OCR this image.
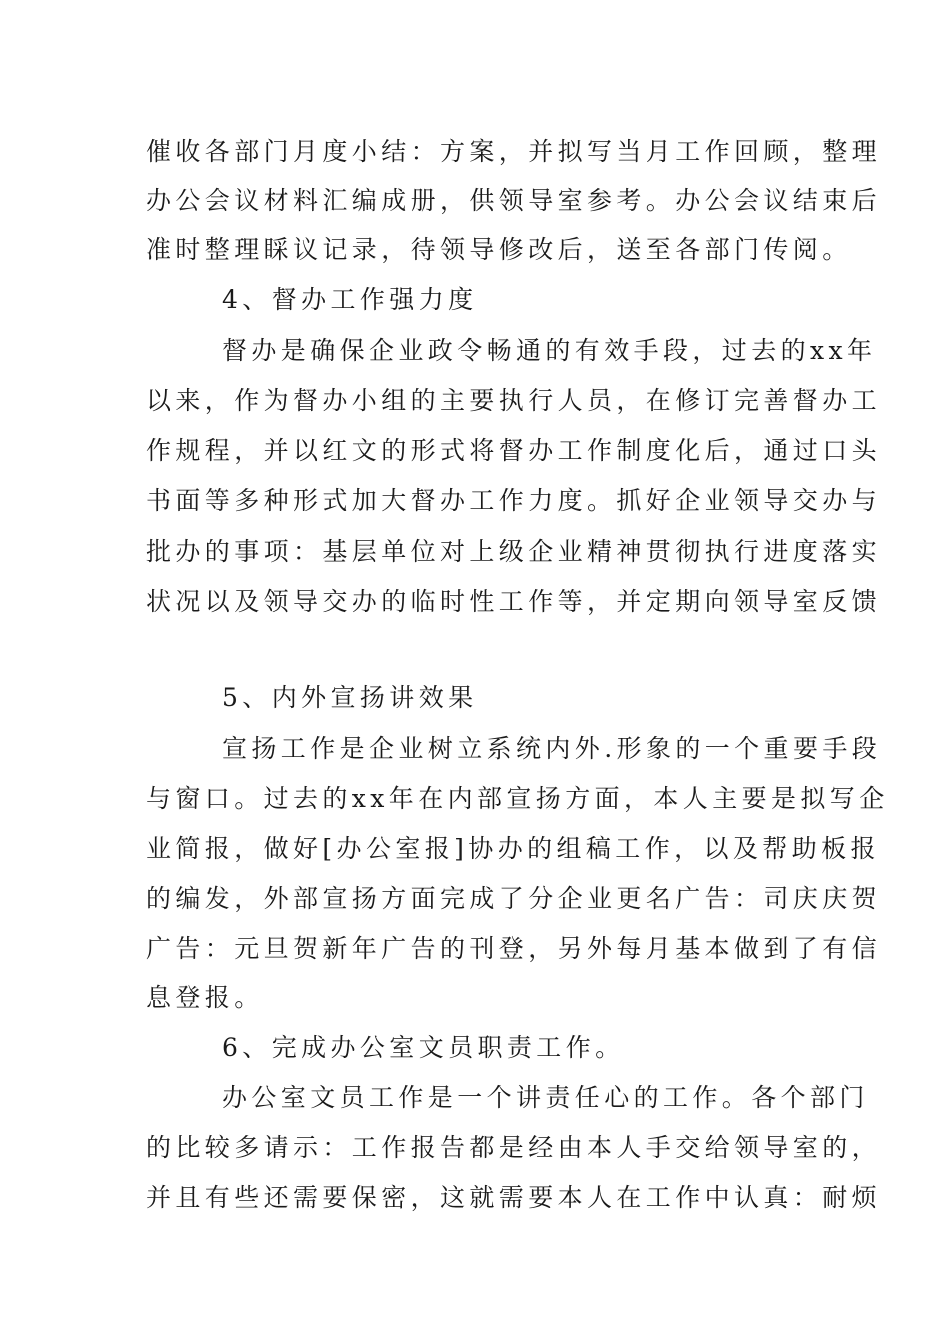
催收各部门月度小结：方案，并拟写当月工作回顾，整理
办公会议材料汇编成册，供领导室参考。办公会议结束后
准时整理睬议记录，待领导修改后，送至各部门传阅。
4、督办工作强力度
督办是确保企业政令畅通的有效手段，过去的xx年
以来，作为督办小组的主要执行人员，在修订完善督办工
作规程，并以红文的形式将督办工作制度化后，通过口头
书面等多种形式加大督办工作力度。抓好企业领导交办与
批办的事项：基层单位对上级企业精神贯彻执行进度落实
状况以及领导交办的临时性工作等，并定期向领导室反馈
5、内外宣扬讲效果
宣扬工作是企业树立系统内外.形象的一个重要手段
与窗口。过去的xx年在内部宣扬方面，本人主要是拟写企
业简报，做好[办公室报]协办的组稿工作，以及帮助板报
的编发，外部宣扬方面完成了分企业更名广告：司庆庆贺
广告：元旦贺新年广告的刊登，另外每月基本做到了有信
息登报。
6、完成办公室文员职责工作。
办公室文员工作是一个讲责任心的工作。各个部门
的比较多请示：工作报告都是经由本人手交给领导室的，
并且有些还需要保密，这就需要本人在工作中认真：耐烦
